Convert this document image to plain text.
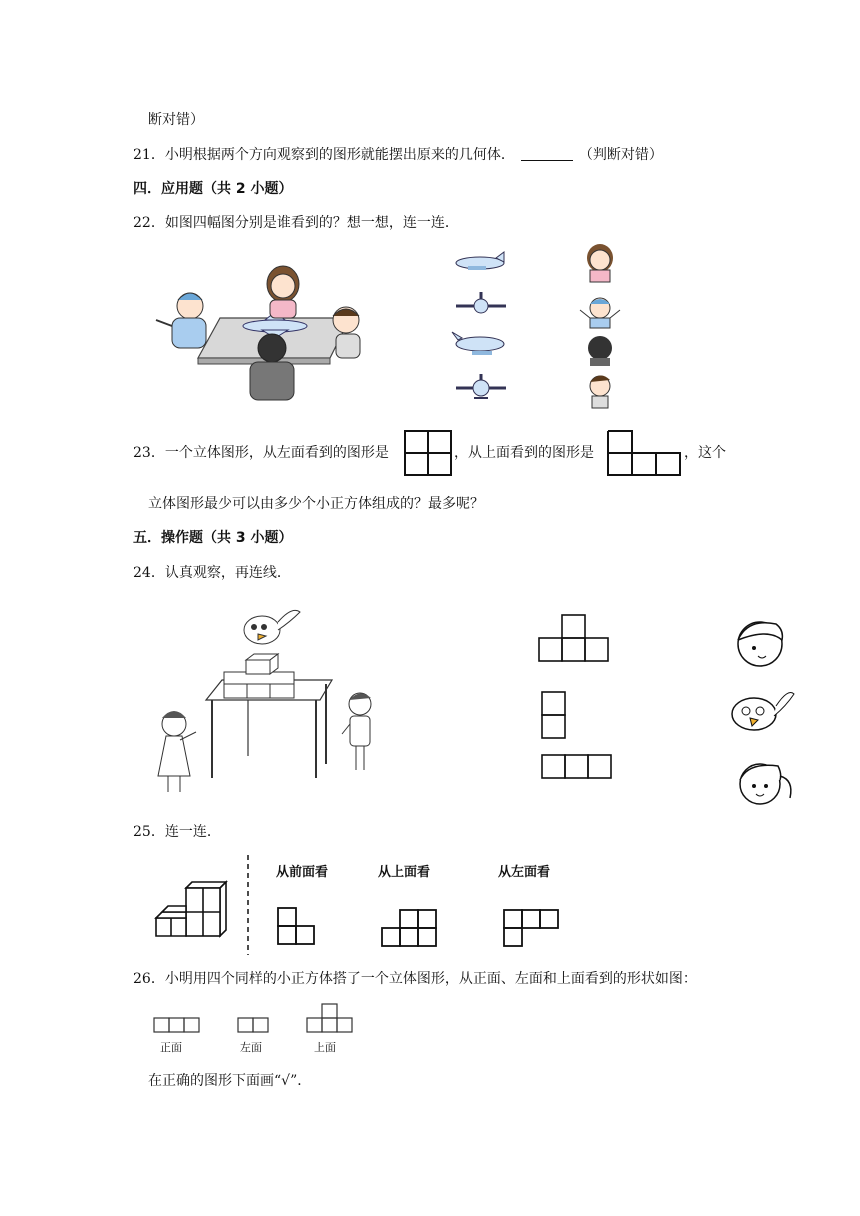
断对错）
21．小明根据两个方向观察到的图形就能摆出原来的几何体．	（判断对错）
四．应用题（共 2 小题）
22．如图四幅图分别是谁看到的？想一想，连一连．
23．一个立体图形，从左面看到的图形是	，从上面看到的图形是	，这个
立体图形最少可以由多少个小正方体组成的？最多呢？
五．操作题（共 3 小题）
24．认真观察，再连线．
25．连一连．
从前面看	从上面看	从左面看
26．小明用四个同样的小正方体搭了一个立体图形，从正面、左面和上面看到的形状如图：
正面	左面	上面
在正确的图形下面画“√”．
